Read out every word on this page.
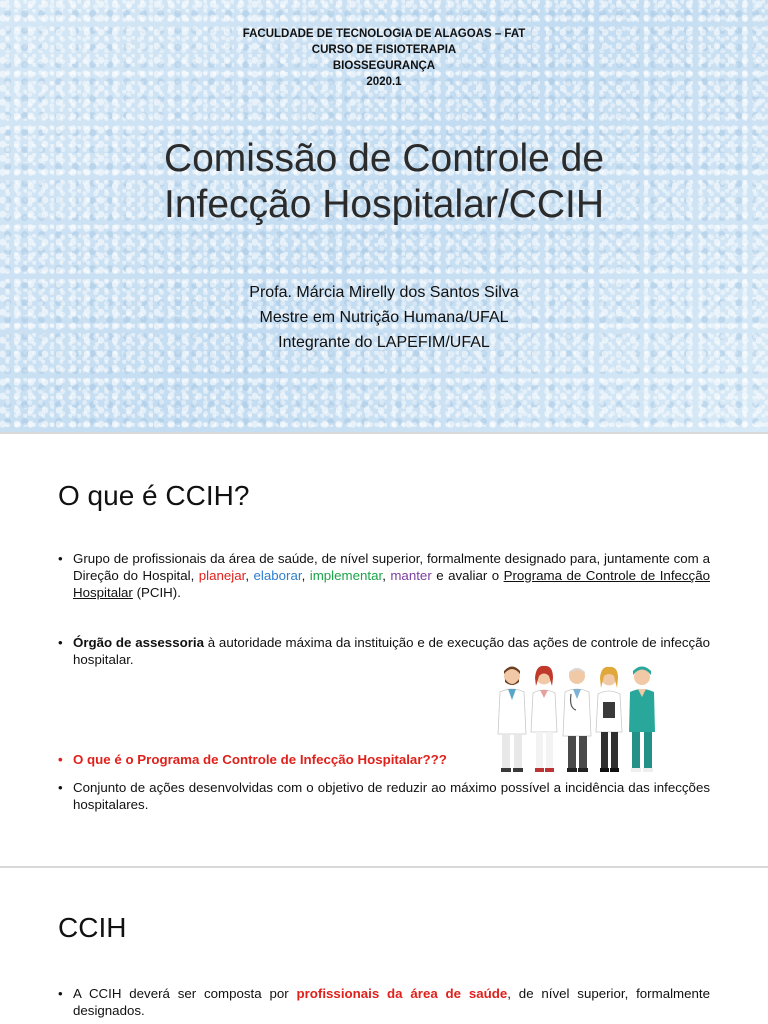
FACULDADE DE TECNOLOGIA DE ALAGOAS – FAT
CURSO DE FISIOTERAPIA
BIOSSEGURANÇA
2020.1
Comissão de Controle de
Infecção Hospitalar/CCIH
Profa. Márcia Mirelly dos Santos Silva
Mestre em Nutrição Humana/UFAL
Integrante do LAPEFIM/UFAL
O que é CCIH?
• Grupo de profissionais da área de saúde, de nível superior, formalmente designado para, juntamente com a Direção do Hospital, planejar, elaborar, implementar, manter e avaliar o Programa de Controle de Infecção Hospitalar (PCIH).
• Órgão de assessoria à autoridade máxima da instituição e de execução das ações de controle de infecção hospitalar.
• O que é o Programa de Controle de Infecção Hospitalar???
• Conjunto de ações desenvolvidas com o objetivo de reduzir ao máximo possível a incidência das infecções hospitalares.
CCIH
• A CCIH deverá ser composta por profissionais da área de saúde, de nível superior, formalmente designados.
